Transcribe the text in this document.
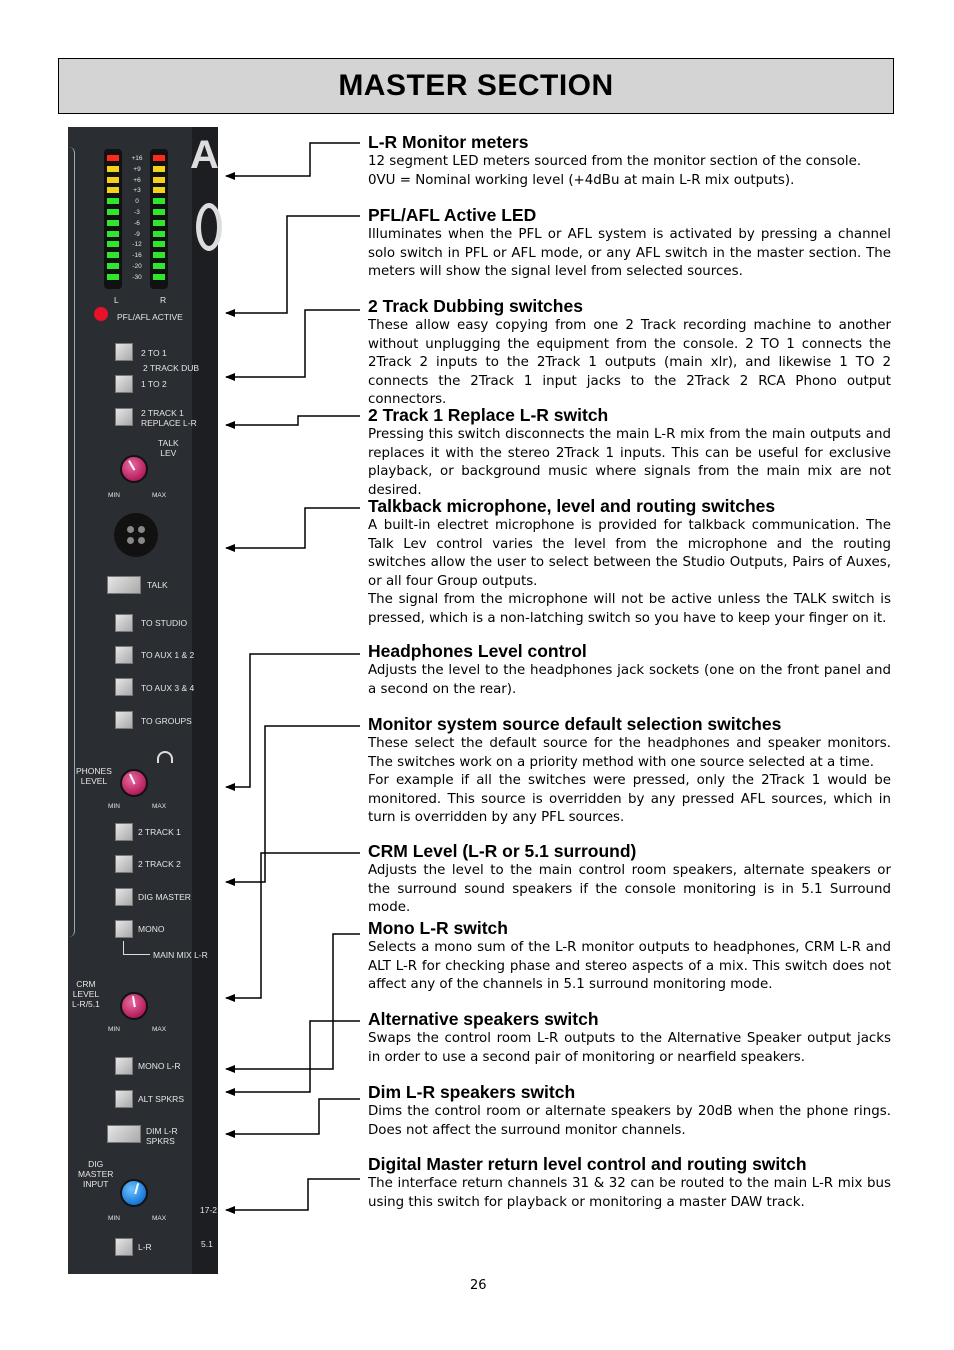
MASTER SECTION
A
+16
+9
+6
+3
0
-3
-6
-9
-12
-16
-20
-30
L	R
PFL/AFL ACTIVE
2 TO 1
2 TRACK DUB
1 TO 2
2 TRACK 1
REPLACE L-R
TALK
LEV
MIN	MAX
TALK
TO STUDIO
TO AUX 1 & 2
TO AUX 3 & 4
TO GROUPS
PHONES
LEVEL
MIN	MAX
2 TRACK 1
2 TRACK 2
DIG MASTER
MONO
MAIN MIX L-R
CRM
LEVEL
L-R/5.1
MIN	MAX
MONO L-R
ALT SPKRS
DIM L-R
SPKRS
DIG
MASTER
INPUT
MIN	MAX
17-2
L-R	5.1
L-R Monitor meters

12 segment LED meters sourced from the monitor section of the console.
0VU = Nominal working level (+4dBu at main L-R mix outputs).

PFL/AFL Active LED

Illuminates when the PFL or AFL system is activated by pressing a channel solo switch in PFL or AFL mode, or any AFL switch in the master section. The meters will show the signal level from selected sources.

2 Track Dubbing switches

These allow easy copying from one 2 Track recording machine to another without unplugging the equipment from the console. 2 TO 1 connects the 2Track 2 inputs to the 2Track 1 outputs (main xlr), and likewise 1 TO 2 connects the 2Track 1 input jacks to the 2Track 2 RCA Phono output connectors.

2 Track 1 Replace L-R switch

Pressing this switch disconnects the main L-R mix from the main outputs and replaces it with the stereo 2Track 1 inputs. This can be useful for exclusive playback, or background music where signals from the main mix are not desired.

Talkback microphone, level and routing switches

A built-in electret microphone is provided for talkback communication. The Talk Lev control varies the level from the microphone and the routing switches allow the user to select between the Studio Outputs, Pairs of Auxes, or all four Group outputs.
The signal from the microphone will not be active unless the TALK switch is pressed, which is a non-latching switch so you have to keep your finger on it.

Headphones Level control

Adjusts the level to the headphones jack sockets (one on the front panel and a second on the rear).

Monitor system source default selection switches

These select the default source for the headphones and speaker monitors. The switches work on a priority method with one source selected at a time.
For example if all the switches were pressed, only the 2Track 1 would be monitored. This source is overridden by any pressed AFL sources, which in turn is overridden by any PFL sources.

CRM Level (L-R or 5.1 surround)

Adjusts the level to the main control room speakers, alternate speakers or the surround sound speakers if the console monitoring is in 5.1 Surround mode.

Mono L-R switch

Selects a mono sum of the L-R monitor outputs to headphones, CRM L-R and ALT L-R for checking phase and stereo aspects of a mix. This switch does not affect any of the channels in 5.1 surround monitoring mode.

Alternative speakers switch

Swaps the control room L-R outputs to the Alternative Speaker output jacks in order to use a second pair of monitoring or nearfield speakers.

Dim L-R speakers switch

Dims the control room or alternate speakers by 20dB when the phone rings. Does not affect the surround monitor channels.

Digital Master return level control and routing switch

The interface return channels 31 & 32 can be routed to the main L-R mix bus using this switch for playback or monitoring a master DAW track.

26
